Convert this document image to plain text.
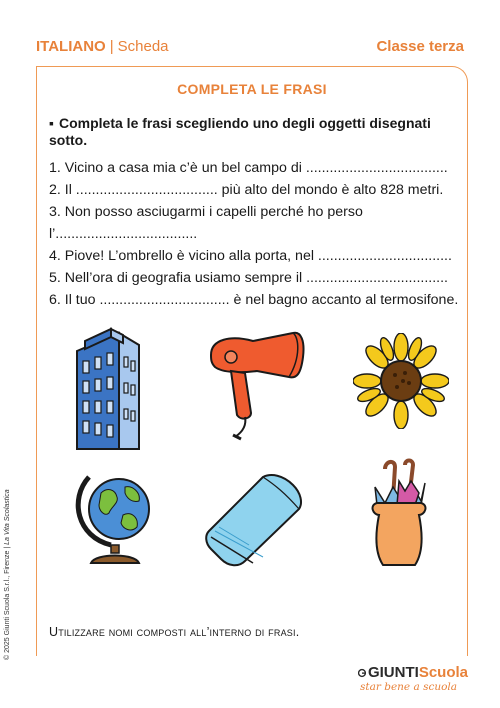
ITALIANO | Scheda	Classe terza
COMPLETA LE FRASI
▪ Completa le frasi scegliendo uno degli oggetti disegnati sotto.
1. Vicino a casa mia c’è un bel campo di ....................................
2. Il .................................... più alto del mondo è alto 828 metri.
3. Non posso asciugarmi i capelli perché ho perso
l’....................................
4. Piove! L’ombrello è vicino alla porta, nel ..................................
5. Nell’ora di geografia usiamo sempre il ....................................
6. Il tuo ................................. è nel bagno accanto al termosifone.
Utilizzare nomi composti all’interno di frasi.
© 2025 Giunti Scuola S.r.l., Firenze | La Vita Scolastica
GIUNTI Scuola
star bene a scuola
